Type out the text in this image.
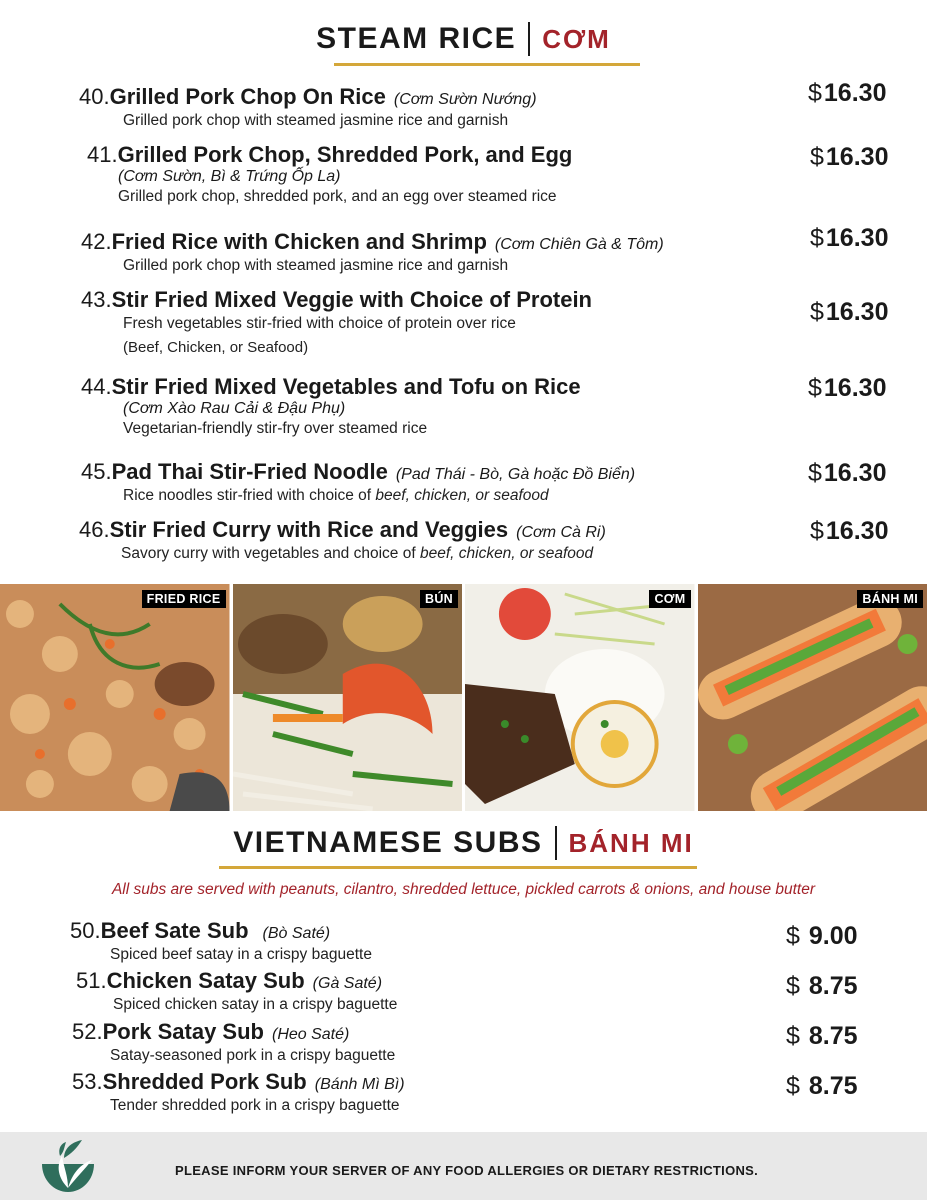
STEAM RICE CƠM
40.Grilled Pork Chop On Rice (Cơm Sườn Nướng)
Grilled pork chop with steamed jasmine rice and garnish
$16.30
41.Grilled Pork Chop, Shredded Pork, and Egg
(Cơm Sườn, Bì & Trứng Ốp La)
Grilled pork chop, shredded pork, and an egg over steamed rice
$16.30
42.Fried Rice with Chicken and Shrimp (Cơm Chiên Gà & Tôm)
Grilled pork chop with steamed jasmine rice and garnish
$16.30
43.Stir Fried Mixed Veggie with Choice of Protein
Fresh vegetables stir-fried with choice of protein over rice
(Beef, Chicken, or Seafood)
$16.30
44.Stir Fried Mixed Vegetables and Tofu on Rice
(Cơm Xào Rau Cải & Đậu Phụ)
Vegetarian-friendly stir-fry over steamed rice
$16.30
45.Pad Thai Stir-Fried Noodle (Pad Thái - Bò, Gà hoặc Đồ Biển)
Rice noodles stir-fried with choice of beef, chicken, or seafood
$16.30
46.Stir Fried Curry with Rice and Veggies (Cơm Cà Ri)
Savory curry with vegetables and choice of beef, chicken, or seafood
$16.30
FRIED RICE	BÚN	CƠM	BÁNH MI
VIETNAMESE SUBS BÁNH MI
All subs are served with peanuts, cilantro, shredded lettuce, pickled carrots & onions, and house butter
50.Beef Sate Sub (Bò Saté)
Spiced beef satay in a crispy baguette
$ 9.00
51.Chicken Satay Sub (Gà Saté)
Spiced chicken satay in a crispy baguette
$ 8.75
52.Pork Satay Sub (Heo Saté)
Satay-seasoned pork in a crispy baguette
$ 8.75
53.Shredded Pork Sub (Bánh Mì Bì)
Tender shredded pork in a crispy baguette
$ 8.75
PLEASE INFORM YOUR SERVER OF ANY FOOD ALLERGIES OR DIETARY RESTRICTIONS.
